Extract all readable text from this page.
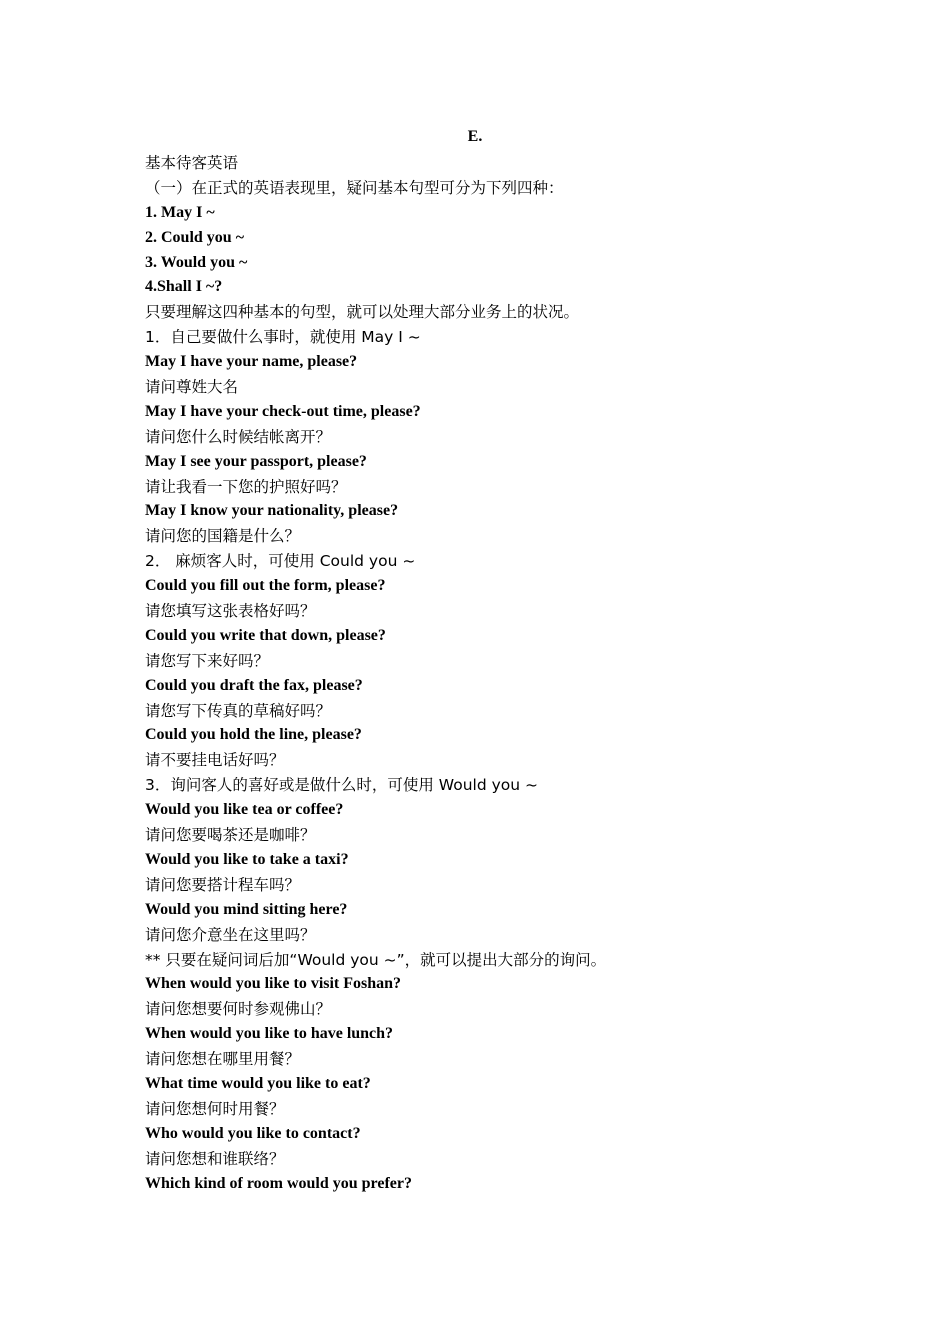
E.
基本待客英语
（一）在正式的英语表现里，疑问基本句型可分为下列四种：
1. May I ~
2. Could you ~
3. Would you ~
4.Shall I ~?
只要理解这四种基本的句型，就可以处理大部分业务上的状况。
1．自己要做什么事时，就使用 May I ~
May I have your name, please?
请问尊姓大名
May I have your check-out time, please?
请问您什么时候结帐离开？
May I see your passport, please?
请让我看一下您的护照好吗？
May I know your nationality, please?
请问您的国籍是什么？
2． 麻烦客人时，可使用 Could you ~
Could you fill out the form, please?
请您填写这张表格好吗？
Could you write that down, please?
请您写下来好吗？
Could you draft the fax, please?
请您写下传真的草稿好吗？
Could you hold the line, please?
请不要挂电话好吗？
3．询问客人的喜好或是做什么时，可使用 Would you ~
Would you like tea or coffee?
请问您要喝茶还是咖啡？
Would you like to take a taxi?
请问您要搭计程车吗？
Would you mind sitting here?
请问您介意坐在这里吗？
** 只要在疑问词后加“Would you ~”，就可以提出大部分的询问。
When would you like to visit Foshan?
请问您想要何时参观佛山？
When would you like to have lunch?
请问您想在哪里用餐？
What time would you like to eat?
请问您想何时用餐？
Who would you like to contact?
请问您想和谁联络？
Which kind of room would you prefer?
